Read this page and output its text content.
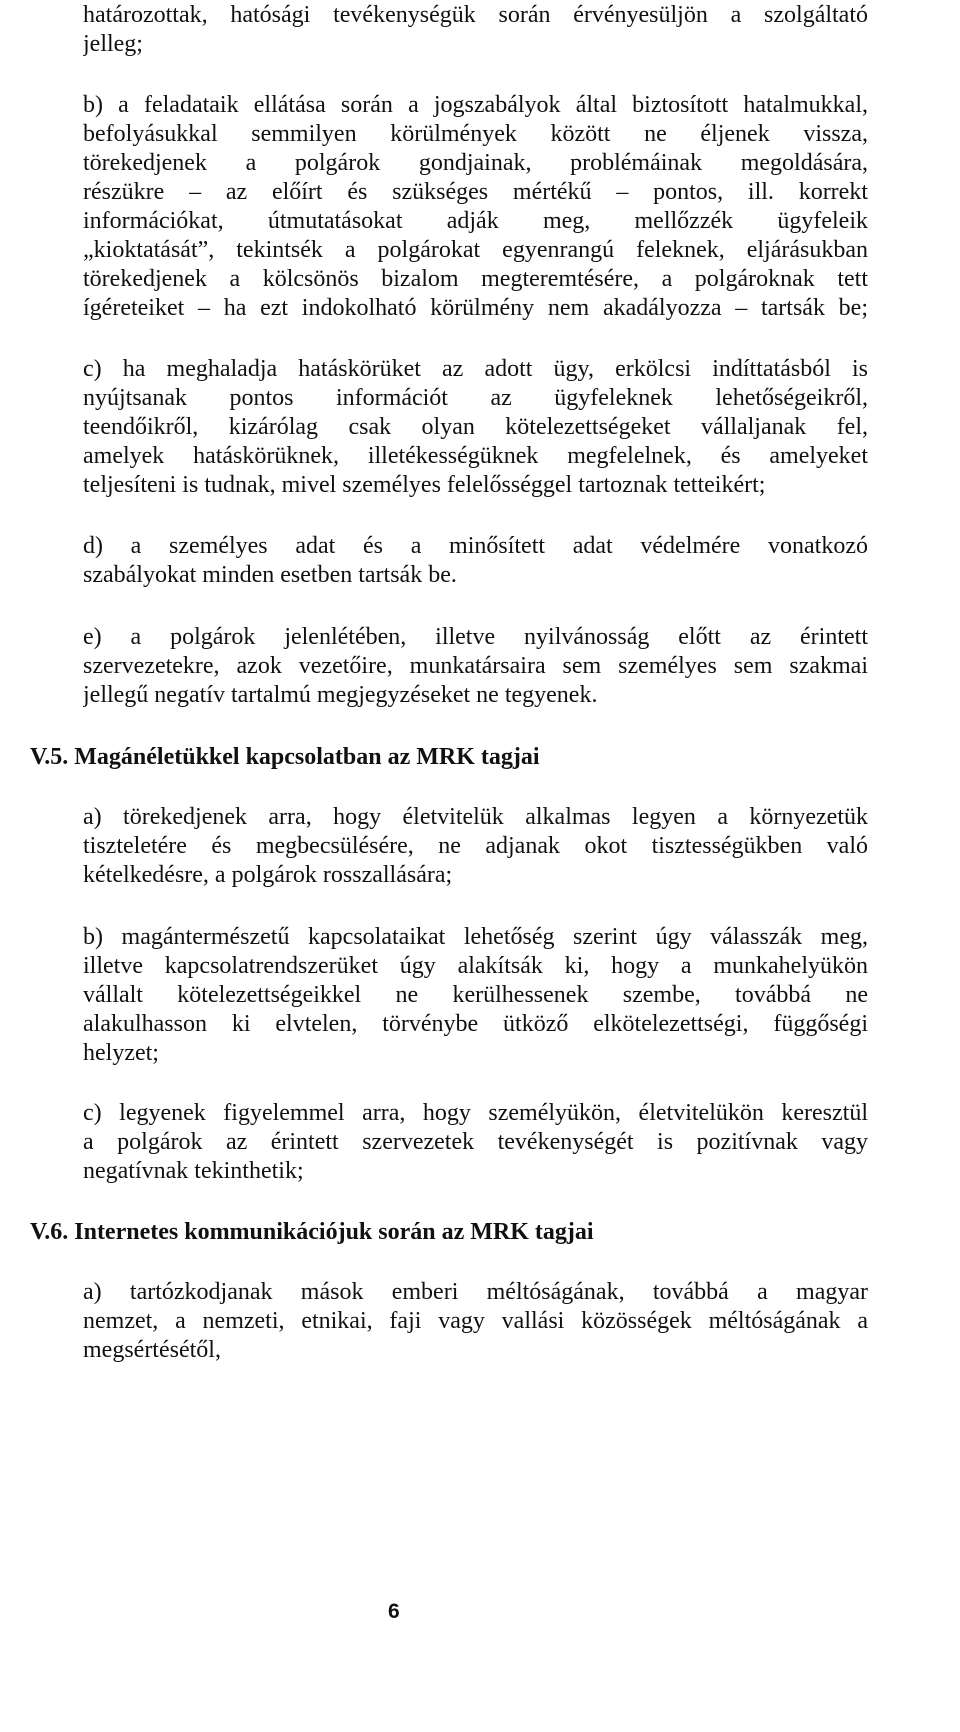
határozottak, hatósági tevékenységük során érvényesüljön a szolgáltató
jelleg;
b) a feladataik ellátása során a jogszabályok által biztosított hatalmukkal,
befolyásukkal semmilyen körülmények között ne éljenek vissza,
törekedjenek a polgárok gondjainak, problémáinak megoldására,
részükre – az előírt és szükséges mértékű – pontos, ill. korrekt
információkat, útmutatásokat adják meg, mellőzzék ügyfeleik
„kioktatását”, tekintsék a polgárokat egyenrangú feleknek, eljárásukban
törekedjenek a kölcsönös bizalom megteremtésére, a polgároknak tett
ígéreteiket – ha ezt indokolható körülmény nem akadályozza – tartsák be;
c) ha meghaladja hatáskörüket az adott ügy, erkölcsi indíttatásból is
nyújtsanak pontos információt az ügyfeleknek lehetőségeikről,
teendőikről, kizárólag csak olyan kötelezettségeket vállaljanak fel,
amelyek hatáskörüknek, illetékességüknek megfelelnek, és amelyeket
teljesíteni is tudnak, mivel személyes felelősséggel tartoznak tetteikért;
d) a személyes adat és a minősített adat védelmére vonatkozó
szabályokat minden esetben tartsák be.
e) a polgárok jelenlétében, illetve nyilvánosság előtt az érintett
szervezetekre, azok vezetőire, munkatársaira sem személyes sem szakmai
jellegű negatív tartalmú megjegyzéseket ne tegyenek.
V.5. Magánéletükkel kapcsolatban az MRK tagjai
a) törekedjenek arra, hogy életvitelük alkalmas legyen a környezetük
tiszteletére és megbecsülésére, ne adjanak okot tisztességükben való
kételkedésre, a polgárok rosszallására;
b) magántermészetű kapcsolataikat lehetőség szerint úgy válasszák meg,
illetve kapcsolatrendszerüket úgy alakítsák ki, hogy a munkahelyükön
vállalt kötelezettségeikkel ne kerülhessenek szembe, továbbá ne
alakulhasson ki elvtelen, törvénybe ütköző elkötelezettségi, függőségi
helyzet;
c) legyenek figyelemmel arra, hogy személyükön, életvitelükön keresztül
a polgárok az érintett szervezetek tevékenységét is pozitívnak vagy
negatívnak tekinthetik;
V.6. Internetes kommunikációjuk során az MRK tagjai
a) tartózkodjanak mások emberi méltóságának, továbbá a magyar
nemzet, a nemzeti, etnikai, faji vagy vallási közösségek méltóságának a
megsértésétől,
6
